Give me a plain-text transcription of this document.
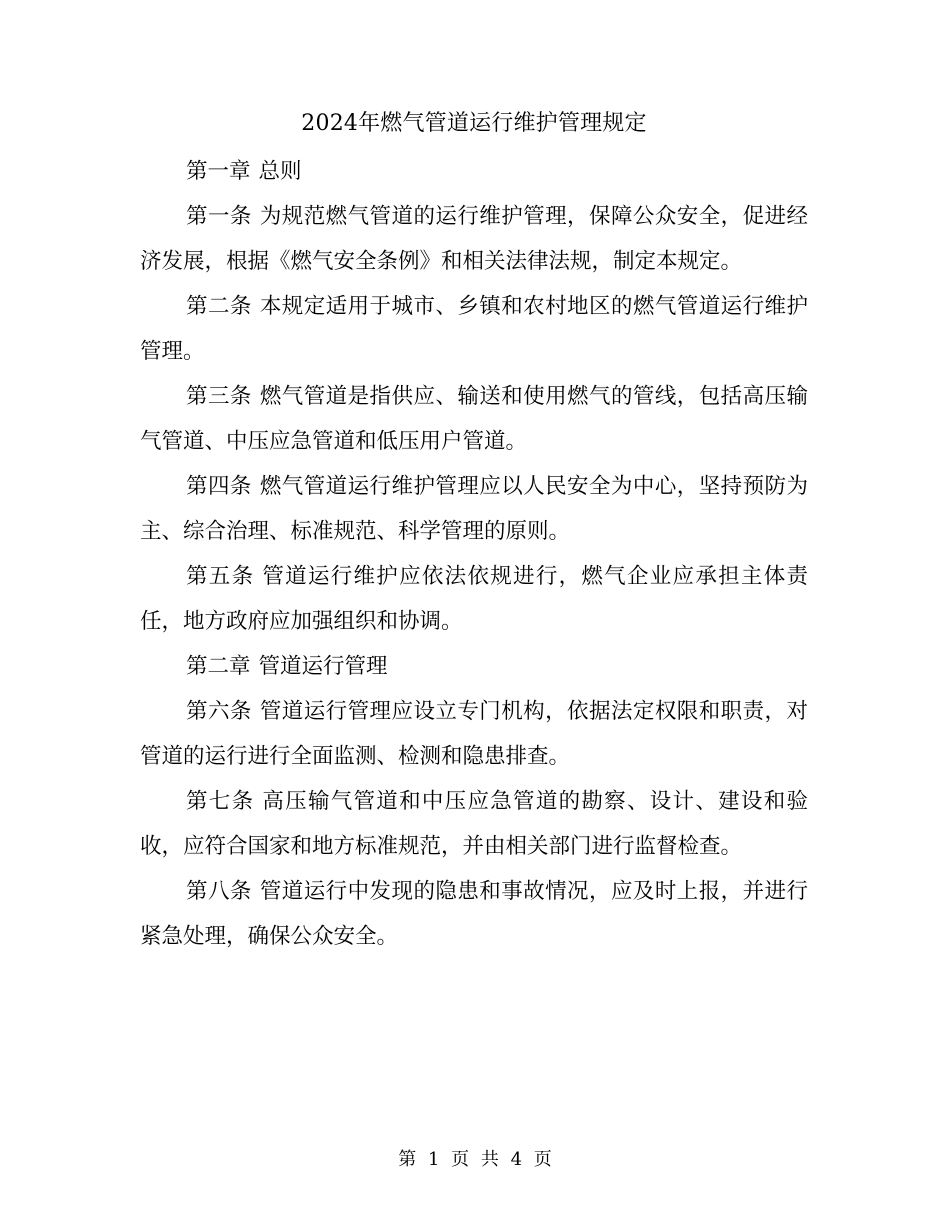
2024年燃气管道运行维护管理规定

第一章 总则

第一条 为规范燃气管道的运行维护管理，保障公众安全，促进经济发展，根据《燃气安全条例》和相关法律法规，制定本规定。

第二条 本规定适用于城市、乡镇和农村地区的燃气管道运行维护管理。

第三条 燃气管道是指供应、输送和使用燃气的管线，包括高压输气管道、中压应急管道和低压用户管道。

第四条 燃气管道运行维护管理应以人民安全为中心，坚持预防为主、综合治理、标准规范、科学管理的原则。

第五条 管道运行维护应依法依规进行，燃气企业应承担主体责任，地方政府应加强组织和协调。

第二章 管道运行管理

第六条 管道运行管理应设立专门机构，依据法定权限和职责，对管道的运行进行全面监测、检测和隐患排查。

第七条 高压输气管道和中压应急管道的勘察、设计、建设和验收，应符合国家和地方标准规范，并由相关部门进行监督检查。

第八条 管道运行中发现的隐患和事故情况，应及时上报，并进行紧急处理，确保公众安全。

第 1 页 共 4 页
